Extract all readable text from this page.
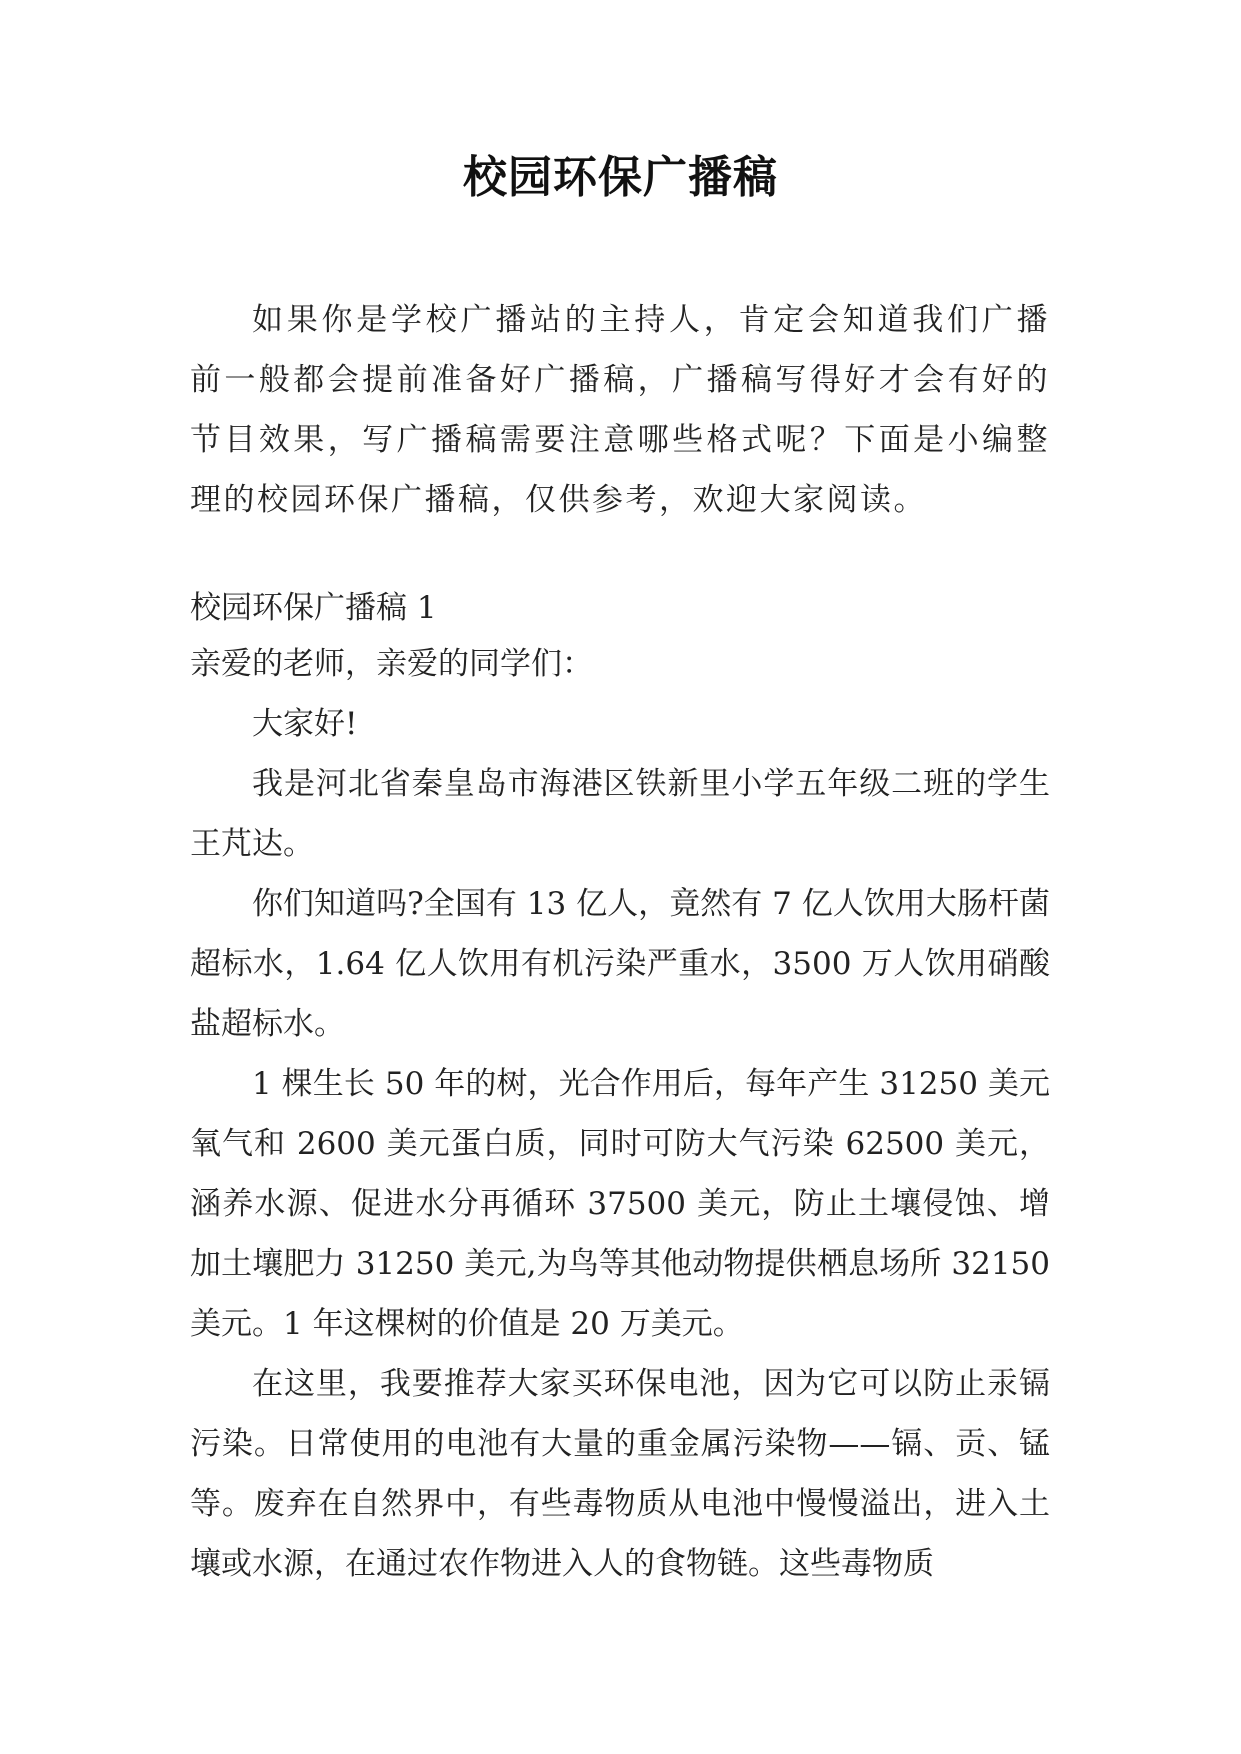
校园环保广播稿

如果你是学校广播站的主持人，肯定会知道我们广播前一般都会提前准备好广播稿，广播稿写得好才会有好的节目效果，写广播稿需要注意哪些格式呢？下面是小编整理的校园环保广播稿，仅供参考，欢迎大家阅读。

校园环保广播稿 1

亲爱的老师，亲爱的同学们：

大家好!

我是河北省秦皇岛市海港区铁新里小学五年级二班的学生王芃达。

你们知道吗?全国有 13 亿人，竟然有 7 亿人饮用大肠杆菌超标水，1.64 亿人饮用有机污染严重水，3500 万人饮用硝酸盐超标水。

1 棵生长 50 年的树，光合作用后，每年产生 31250 美元氧气和 2600 美元蛋白质，同时可防大气污染 62500 美元，涵养水源、促进水分再循环 37500 美元，防止土壤侵蚀、增加土壤肥力 31250 美元,为鸟等其他动物提供栖息场所 32150 美元。1 年这棵树的价值是 20 万美元。

在这里，我要推荐大家买环保电池，因为它可以防止汞镉污染。日常使用的电池有大量的重金属污染物——镉、贡、锰等。废弃在自然界中，有些毒物质从电池中慢慢溢出，进入土壤或水源，在通过农作物进入人的食物链。这些毒物质
